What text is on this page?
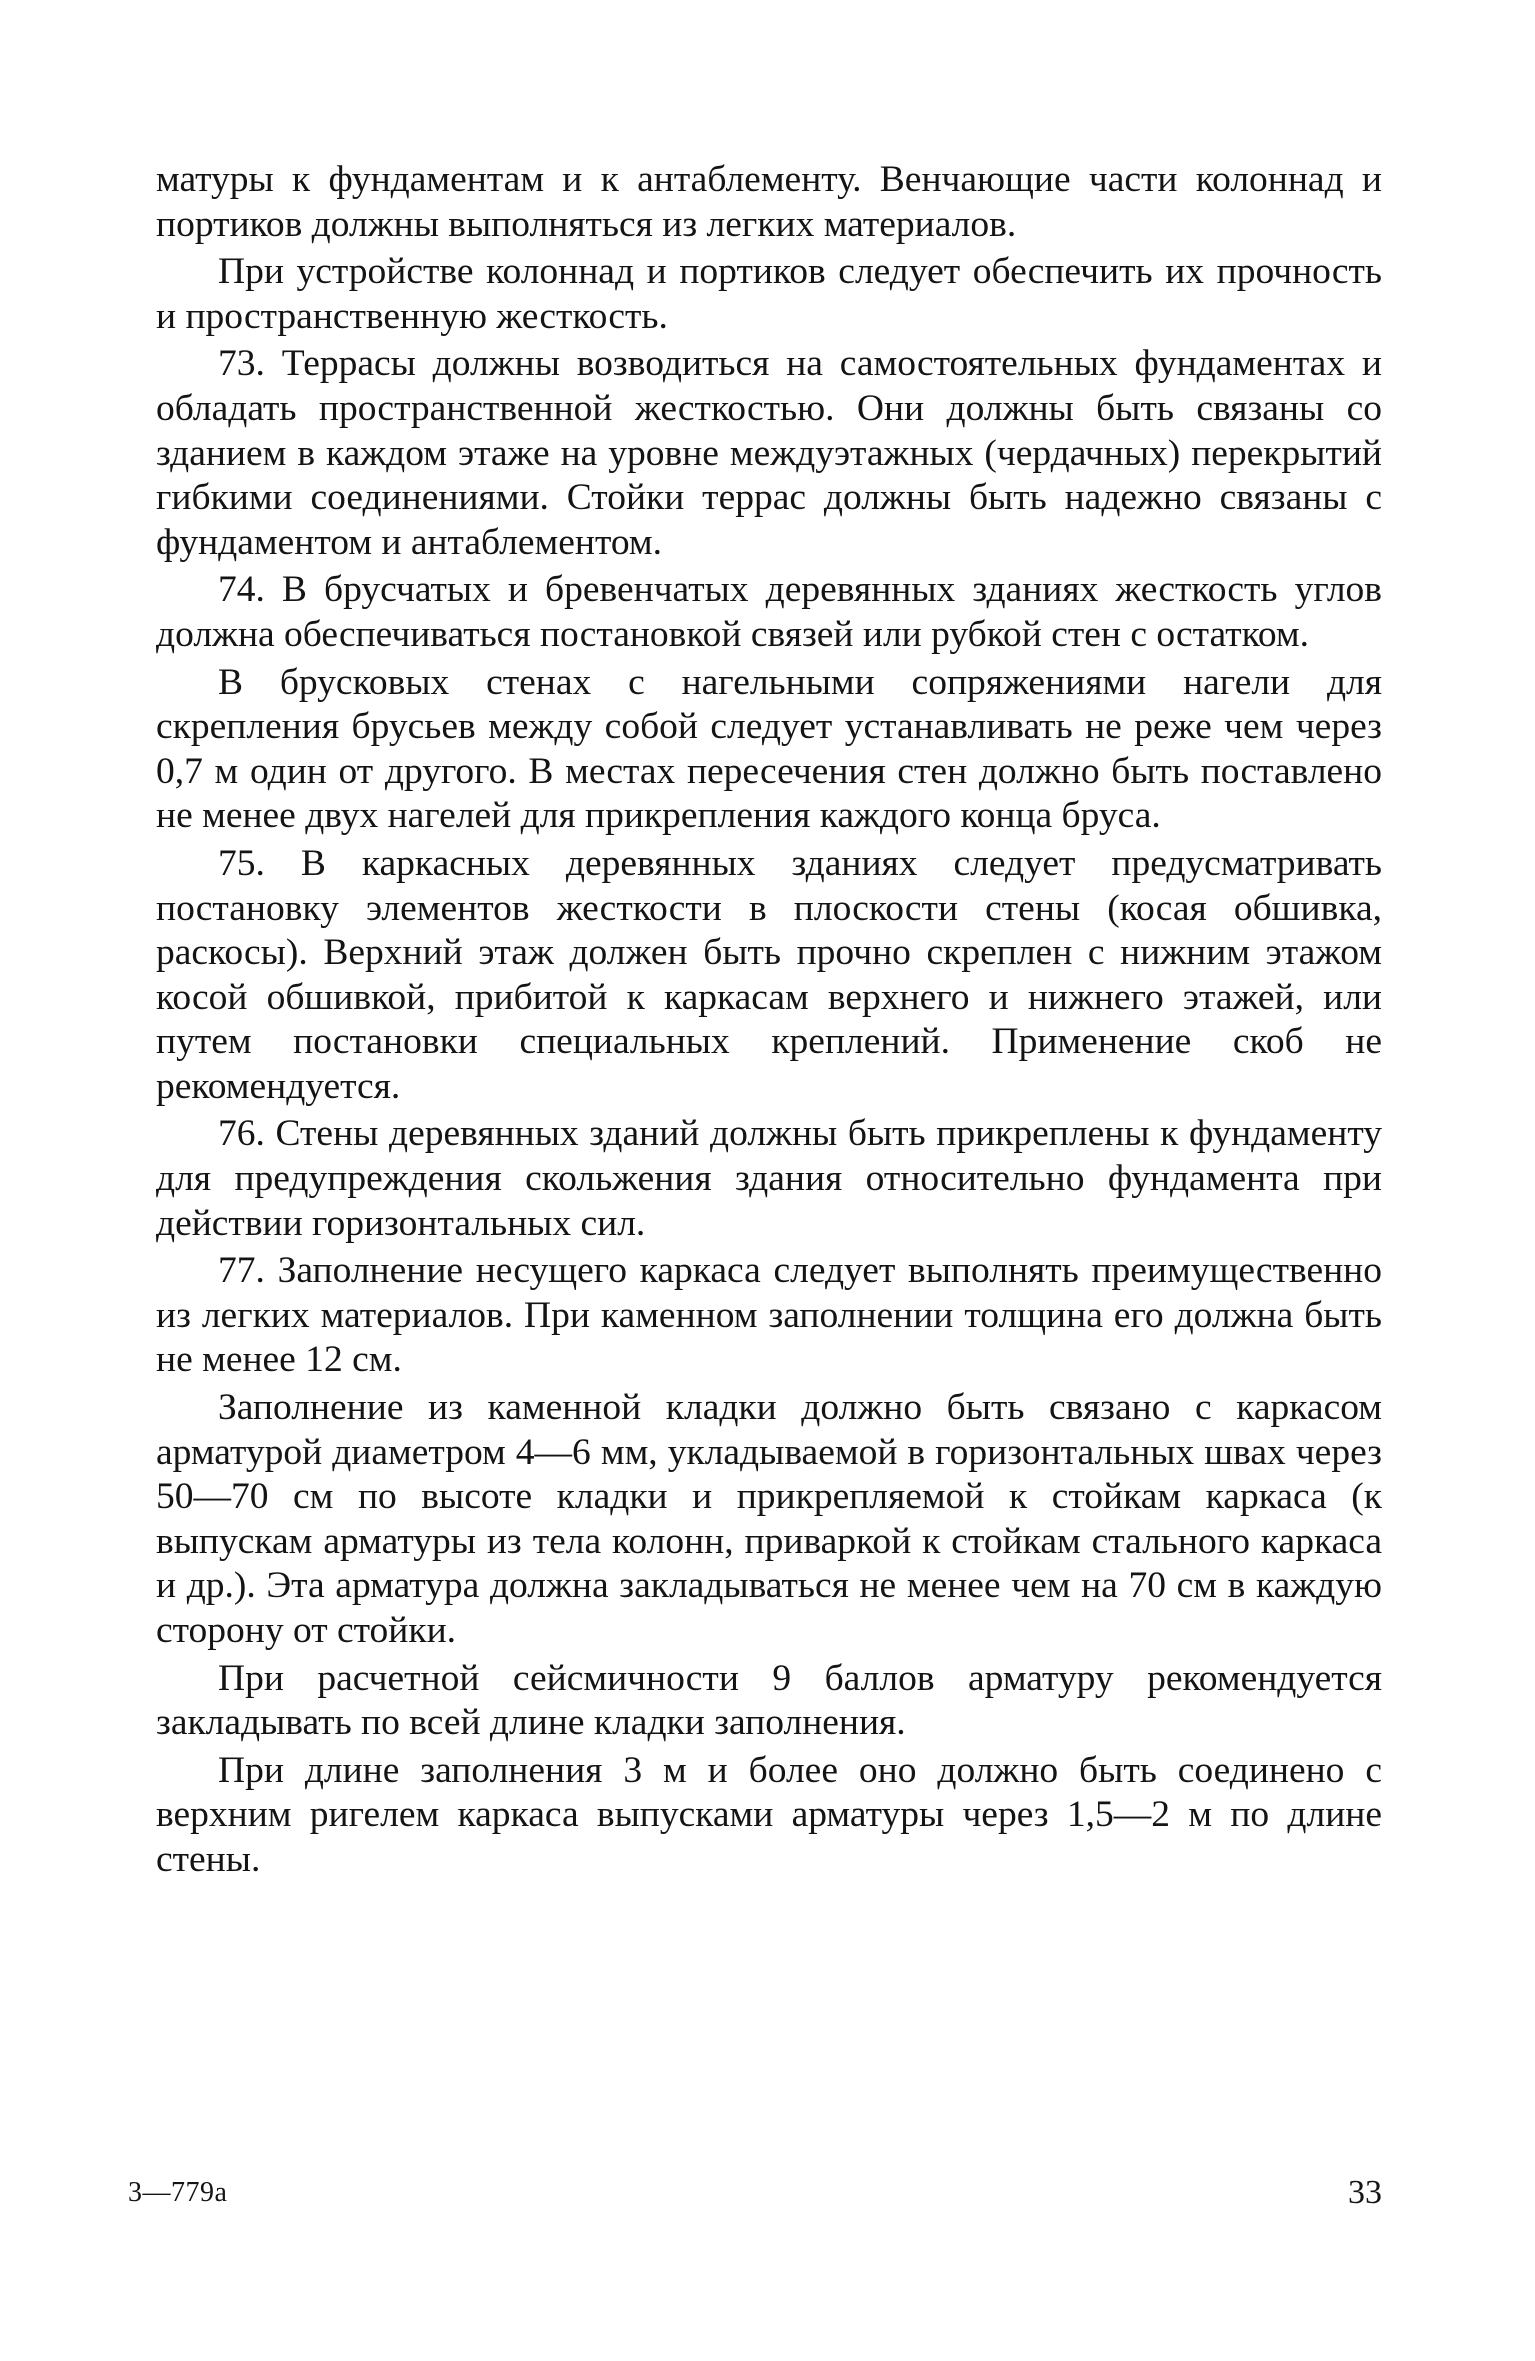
матуры к фундаментам и к антаблементу. Венчающие части колоннад и портиков должны выполняться из легких материалов.

При устройстве колоннад и портиков следует обеспечить их прочность и пространственную жесткость.

73. Террасы должны возводиться на самостоятельных фундаментах и обладать пространственной жесткостью. Они должны быть связаны со зданием в каждом этаже на уровне междуэтажных (чердачных) перекрытий гибкими соединениями. Стойки террас должны быть надежно связаны с фундаментом и антаблементом.

74. В брусчатых и бревенчатых деревянных зданиях жесткость углов должна обеспечиваться постановкой связей или рубкой стен с остатком.

В брусковых стенах с нагельными сопряжениями нагели для скрепления брусьев между собой следует устанавливать не реже чем через 0,7 м один от другого. В местах пересечения стен должно быть поставлено не менее двух нагелей для прикрепления каждого конца бруса.

75. В каркасных деревянных зданиях следует предусматривать постановку элементов жесткости в плоскости стены (косая обшивка, раскосы). Верхний этаж должен быть прочно скреплен с нижним этажом косой обшивкой, прибитой к каркасам верхнего и нижнего этажей, или путем постановки специальных креплений. Применение скоб не рекомендуется.

76. Стены деревянных зданий должны быть прикреплены к фундаменту для предупреждения скольжения здания относительно фундамента при действии горизонтальных сил.

77. Заполнение несущего каркаса следует выполнять преимущественно из легких материалов. При каменном заполнении толщина его должна быть не менее 12 см.

Заполнение из каменной кладки должно быть связано с каркасом арматурой диаметром 4—6 мм, укладываемой в горизонтальных швах через 50—70 см по высоте кладки и прикрепляемой к стойкам каркаса (к выпускам арматуры из тела колонн, приваркой к стойкам стального каркаса и др.). Эта арматура должна закладываться не менее чем на 70 см в каждую сторону от стойки.

При расчетной сейсмичности 9 баллов арматуру рекомендуется закладывать по всей длине кладки заполнения.

При длине заполнения 3 м и более оно должно быть соединено с верхним ригелем каркаса выпусками арматуры через 1,5—2 м по длине стены.

3—779а	33
